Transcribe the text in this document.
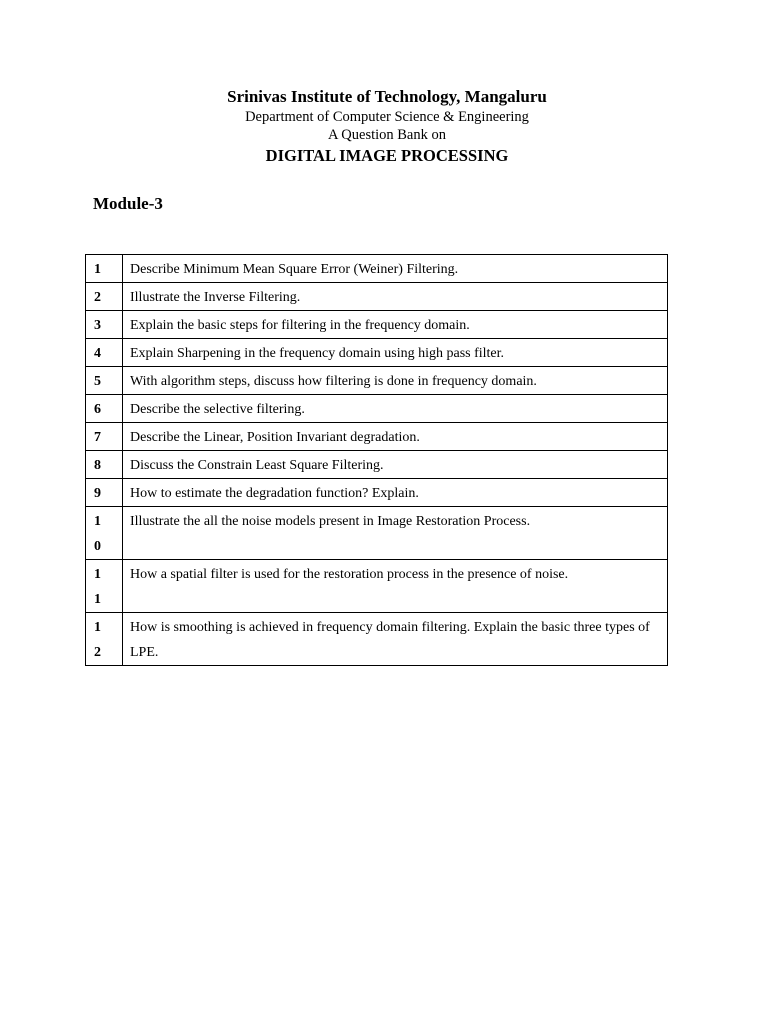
Srinivas Institute of Technology, Mangaluru
Department of Computer Science & Engineering
A Question Bank on
DIGITAL IMAGE PROCESSING
Module-3
1	Describe Minimum Mean Square Error (Weiner) Filtering.

2	Illustrate the Inverse Filtering.

3	Explain the basic steps for filtering in the frequency domain.

4	Explain Sharpening in the frequency domain using high pass filter.

5	With algorithm steps, discuss how filtering is done in frequency domain.

6	Describe the selective filtering.

7	Describe the Linear, Position Invariant degradation.

8	Discuss the Constrain Least Square Filtering.

9	How to estimate the degradation function? Explain.

10	Illustrate the all the noise models present in Image Restoration Process.

11	How a spatial filter is used for the restoration process in the presence of noise.

12	How is smoothing is achieved in frequency domain filtering. Explain the basic three types of LPE.
